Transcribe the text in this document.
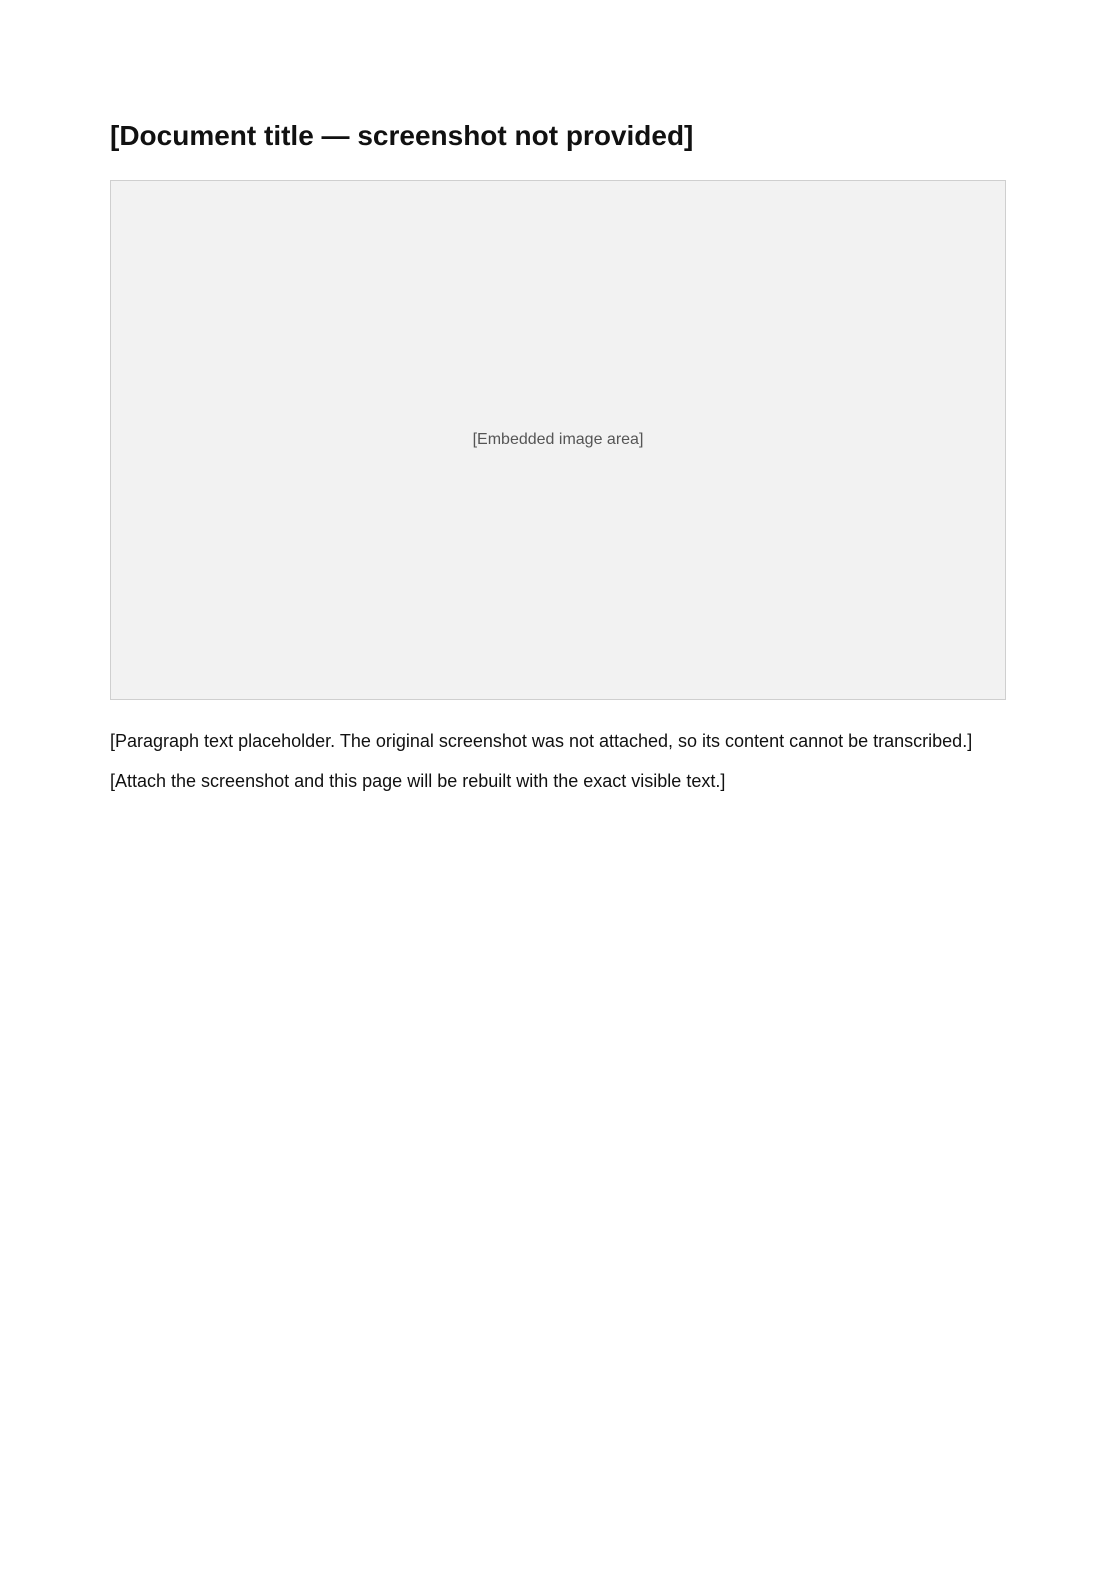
[Document title — screenshot not provided]
[Embedded image area]

[Paragraph text placeholder. The original screenshot was not attached, so its content cannot be transcribed.]

[Attach the screenshot and this page will be rebuilt with the exact visible text.]
